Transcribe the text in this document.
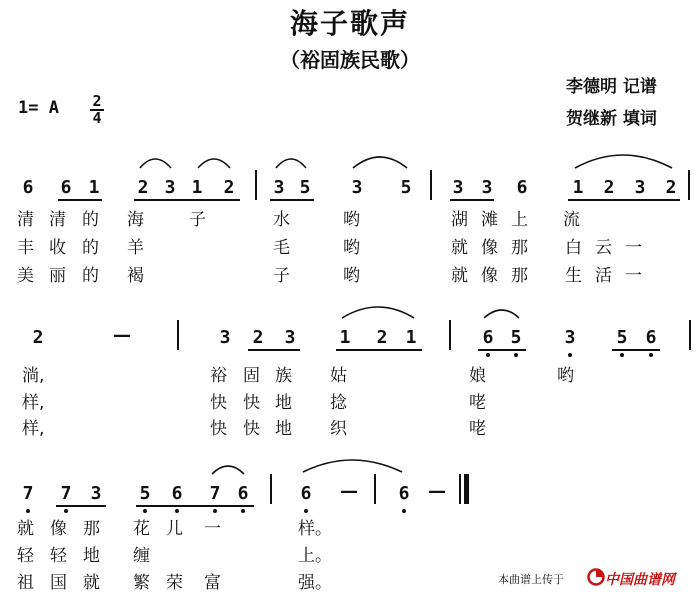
海子歌声
（裕固族民歌）
李德明 记谱
贺继新 填词
1= A $\frac{2}{4}$
6 6 1 2 3 1 2 3 5 3 5 3 3 6	1 2 3 2
清 清 的 海	子	水	哟	湖 滩 上 流
丰 收 的 羊	毛	哟	就 像 那 白 云 一
美 丽 的 褐	子	哟	就 像 那 生 活 一
2	—	3 2 3 1 2 1	6 5 3 5 6
淌,	裕 固 族 姑	娘	哟
样,	快 快 地 捻	咾
样,	快 快 地 织	咾
7 7 3 5 6 7 6	6 — 6 —
就 像 那 花 儿 一	样。
轻 轻 地 缠	上。
祖 国 就 繁 荣 富	强。	本曲谱上传于	中国曲谱网
